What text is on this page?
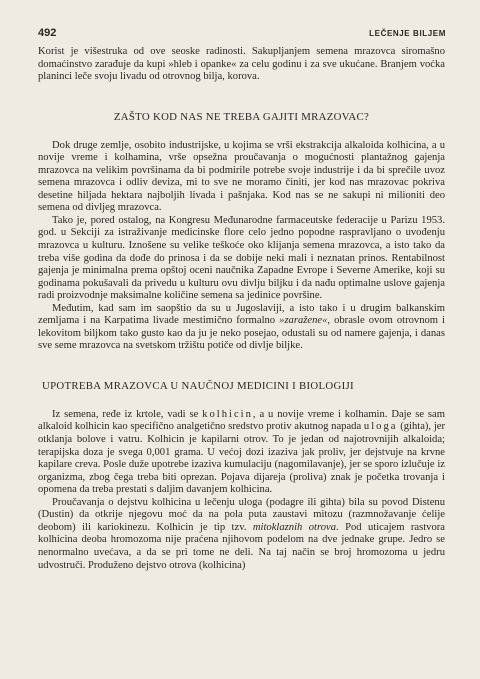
492	LEČENJE BILJEM

Korist je višestruka od ove seoske radinosti. Sakupljanjem semena mrazovca siromašno domaćinstvo zarađuje da kupi »hleb i opanke« za celu godinu i za sve ukućane. Branjem voćka planinci leče svoju livadu od otrovnog bilja, korova.

ZAŠTO KOD NAS NE TREBA GAJITI MRAZOVAC?

Dok druge zemlje, osobito industrijske, u kojima se vrši ekstrakcija alkaloida kolhicina, a u novije vreme i kolhamina, vrše opsežna proučavanja o mogućnosti plantažnog gajenja mrazovca na velikim površinama da bi podmirile potrebe svoje industrije i da bi sprečile uvoz semena mrazovca i odliv deviza, mi to sve ne moramo činiti, jer kod nas mrazovac pokriva desetine hiljada hektara najboljih livada i pašnjaka. Kod nas se ne sakupi ni milioniti deo semena od divljeg mrazovca.

Tako je, pored ostalog, na Kongresu Međunarodne farmaceutske federacije u Parizu 1953. god. u Sekciji za istraživanje medicinske flore celo jedno popodne raspravljano o uvođenju mrazovca u kulturu. Iznošene su velike teškoće oko klijanja semena mrazovca, a isto tako da treba više godina da dođe do prinosa i da se dobije neki mali i neznatan prinos. Rentabilnost gajenja je minimalna prema opštoj oceni naučnika Zapadne Evrope i Severne Amerike, koji su godinama pokušavali da privedu u kulturu ovu divlju biljku i da nađu optimalne uslove gajenja radi proizvodnje maksimalne količine semena sa jedinice površine.

Međutim, kad sam im saopštio da su u Jugoslaviji, a isto tako i u drugim balkanskim zemljama i na Karpatima livade mestimično formalno »zaražene«, obrasle ovom otrovnom i lekovitom biljkom tako gusto kao da ju je neko posejao, odustali su od namere gajenja, i danas sve seme mrazovca na svetskom tržištu potiče od divlje biljke.

UPOTREBA MRAZOVCA U NAUČNOJ MEDICINI I BIOLOGIJI

Iz semena, ređe iz krtole, vadi se kolhicin, a u novije vreme i kolhamin. Daje se sam alkaloid kolhicin kao specifično analgetično sredstvo protiv akutnog napada uloga (gihta), jer otklanja bolove i vatru. Kolhicin je kapilarni otrov. To je jedan od najotrovnijih alkaloida; terapijska doza je svega 0,001 grama. U većoj dozi izaziva jak proliv, jer dejstvuje na krvne kapilare creva. Posle duže upotrebe izaziva kumulaciju (nagomilavanje), jer se sporo izlučuje iz organizma, zbog čega treba biti oprezan. Pojava dijareja (proliva) znak je početka trovanja i opomena da treba prestati s daljim davanjem kolhicina.

Proučavanja o dejstvu kolhicina u lečenju uloga (podagre ili gihta) bila su povod Distenu (Dustin) da otkrije njegovu moć da na pola puta zaustavi mitozu (razmnožavanje ćelije deobom) ili kariokinezu. Kolhicin je tip tzv. mitoklaznih otrova. Pod uticajem rastvora kolhicina deoba hromozoma nije praćena njihovom podelom na dve jednake grupe. Jedro se nenormalno uvećava, a da se pri tome ne deli. Na taj način se broj hromozoma u jedru udvostruči. Produženo dejstvo otrova (kolhicina)
